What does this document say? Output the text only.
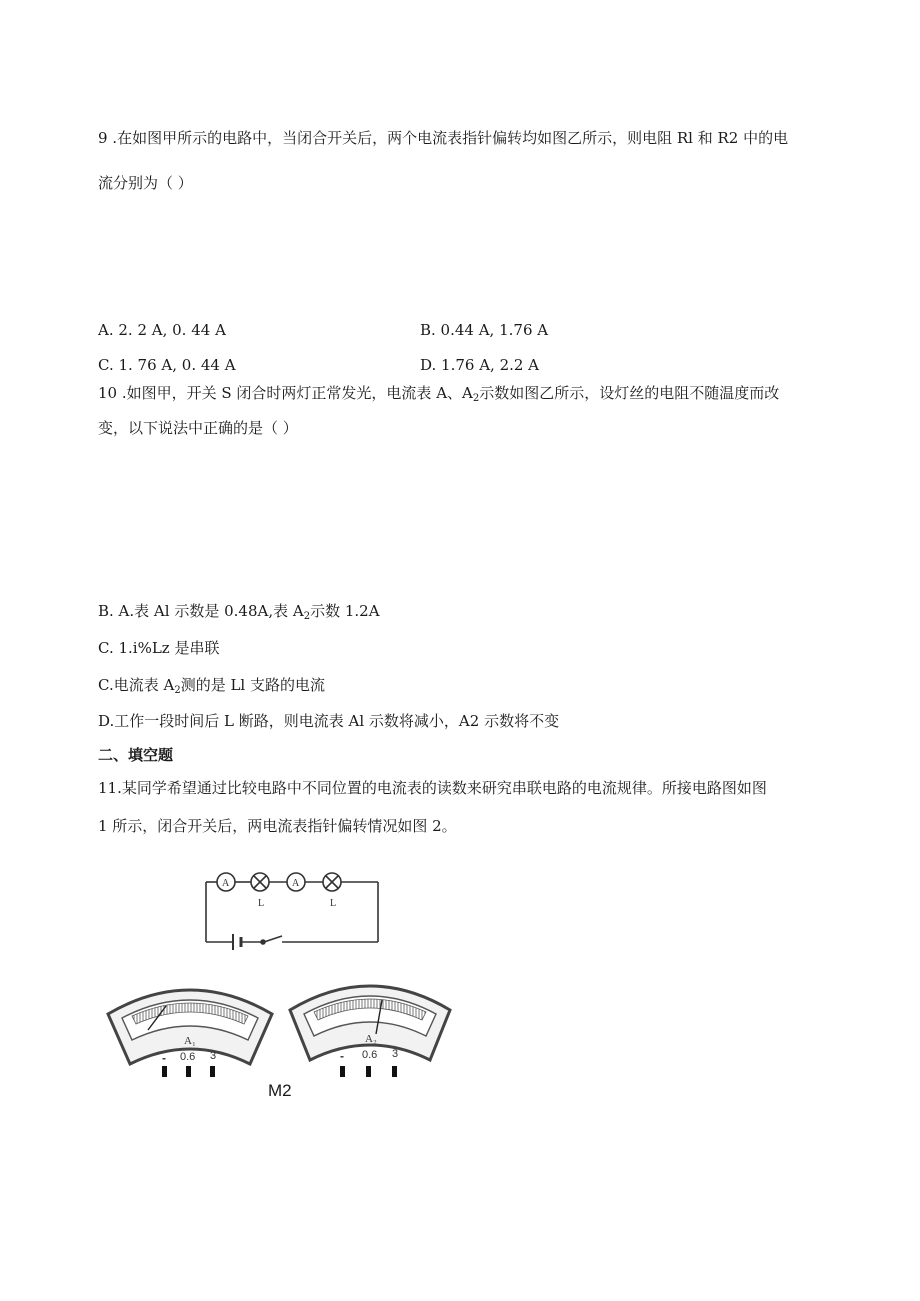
9 .在如图甲所示的电路中，当闭合开关后，两个电流表指针偏转均如图乙所示，则电阻 Rl 和 R2 中的电
流分别为（ ）
A. 2. 2 A, 0. 44 A	B. 0.44 A, 1.76 A
C. 1. 76 A, 0. 44 A	D. 1.76 A, 2.2 A
10 .如图甲，开关 S 闭合时两灯正常发光，电流表 A、$A_2$示数如图乙所示，设灯丝的电阻不随温度而改
变，以下说法中正确的是（ ）
B. A.表 Al 示数是 0.48A,表 $A_2$示数 1.2A
C. 1.i%Lz 是串联
C.电流表 $A_2$测的是 Ll 支路的电流
D.工作一段时间后 L 断路，则电流表 Al 示数将减小，A2 示数将不变
二、填空题
11.某同学希望通过比较电路中不同位置的电流表的读数来研究串联电路的电流规律。所接电路图如图
1 所示，闭合开关后，两电流表指针偏转情况如图 2。
A	A
L	L
A₁
- 0.6 3
A₂
- 0.6 3
M2
